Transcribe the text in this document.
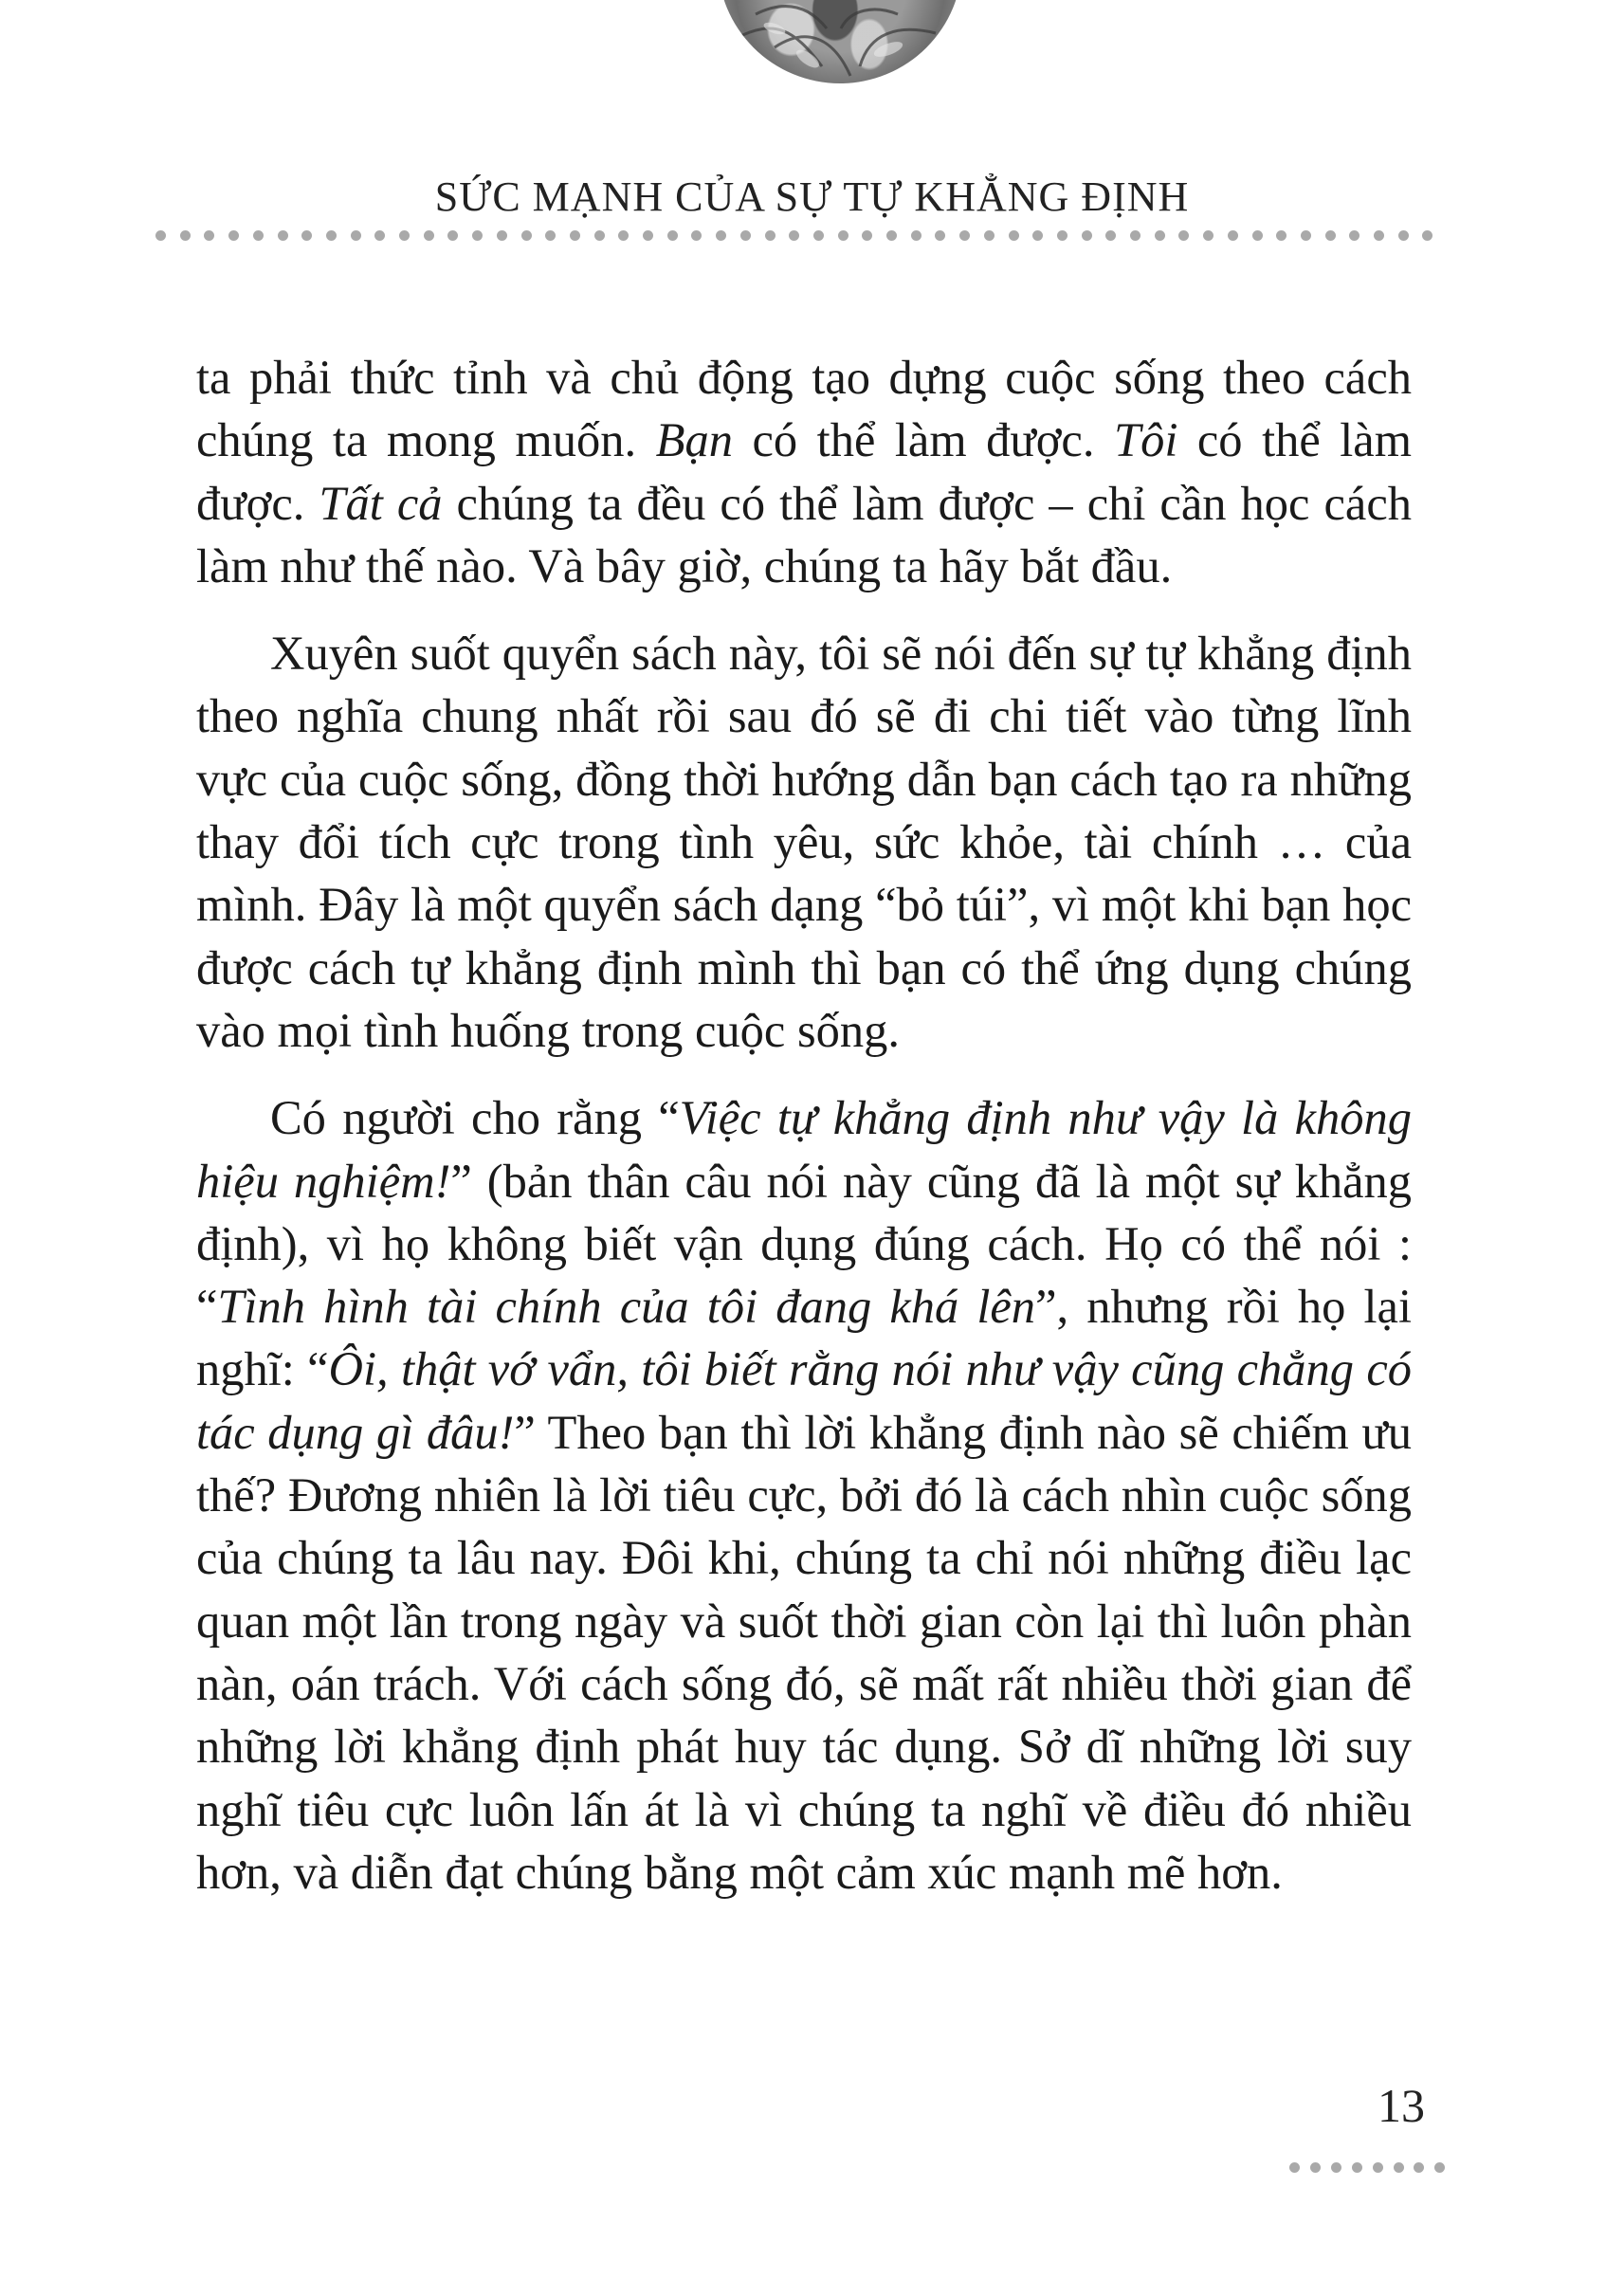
SỨC MẠNH CỦA SỰ TỰ KHẲNG ĐỊNH

ta phải thức tỉnh và chủ động tạo dựng cuộc sống theo cách chúng ta mong muốn. Bạn có thể làm được. Tôi có thể làm được. Tất cả chúng ta đều có thể làm được – chỉ cần học cách làm như thế nào. Và bây giờ, chúng ta hãy bắt đầu.

Xuyên suốt quyển sách này, tôi sẽ nói đến sự tự khẳng định theo nghĩa chung nhất rồi sau đó sẽ đi chi tiết vào từng lĩnh vực của cuộc sống, đồng thời hướng dẫn bạn cách tạo ra những thay đổi tích cực trong tình yêu, sức khỏe, tài chính … của mình. Đây là một quyển sách dạng “bỏ túi”, vì một khi bạn học được cách tự khẳng định mình thì bạn có thể ứng dụng chúng vào mọi tình huống trong cuộc sống.

Có người cho rằng “Việc tự khẳng định như vậy là không hiệu nghiệm!” (bản thân câu nói này cũng đã là một sự khẳng định), vì họ không biết vận dụng đúng cách. Họ có thể nói : “Tình hình tài chính của tôi đang khá lên”, nhưng rồi họ lại nghĩ: “Ôi, thật vớ vẩn, tôi biết rằng nói như vậy cũng chẳng có tác dụng gì đâu!” Theo bạn thì lời khẳng định nào sẽ chiếm ưu thế? Đương nhiên là lời tiêu cực, bởi đó là cách nhìn cuộc sống của chúng ta lâu nay. Đôi khi, chúng ta chỉ nói những điều lạc quan một lần trong ngày và suốt thời gian còn lại thì luôn phàn nàn, oán trách. Với cách sống đó, sẽ mất rất nhiều thời gian để những lời khẳng định phát huy tác dụng. Sở dĩ những lời suy nghĩ tiêu cực luôn lấn át là vì chúng ta nghĩ về điều đó nhiều hơn, và diễn đạt chúng bằng một cảm xúc mạnh mẽ hơn.

13
